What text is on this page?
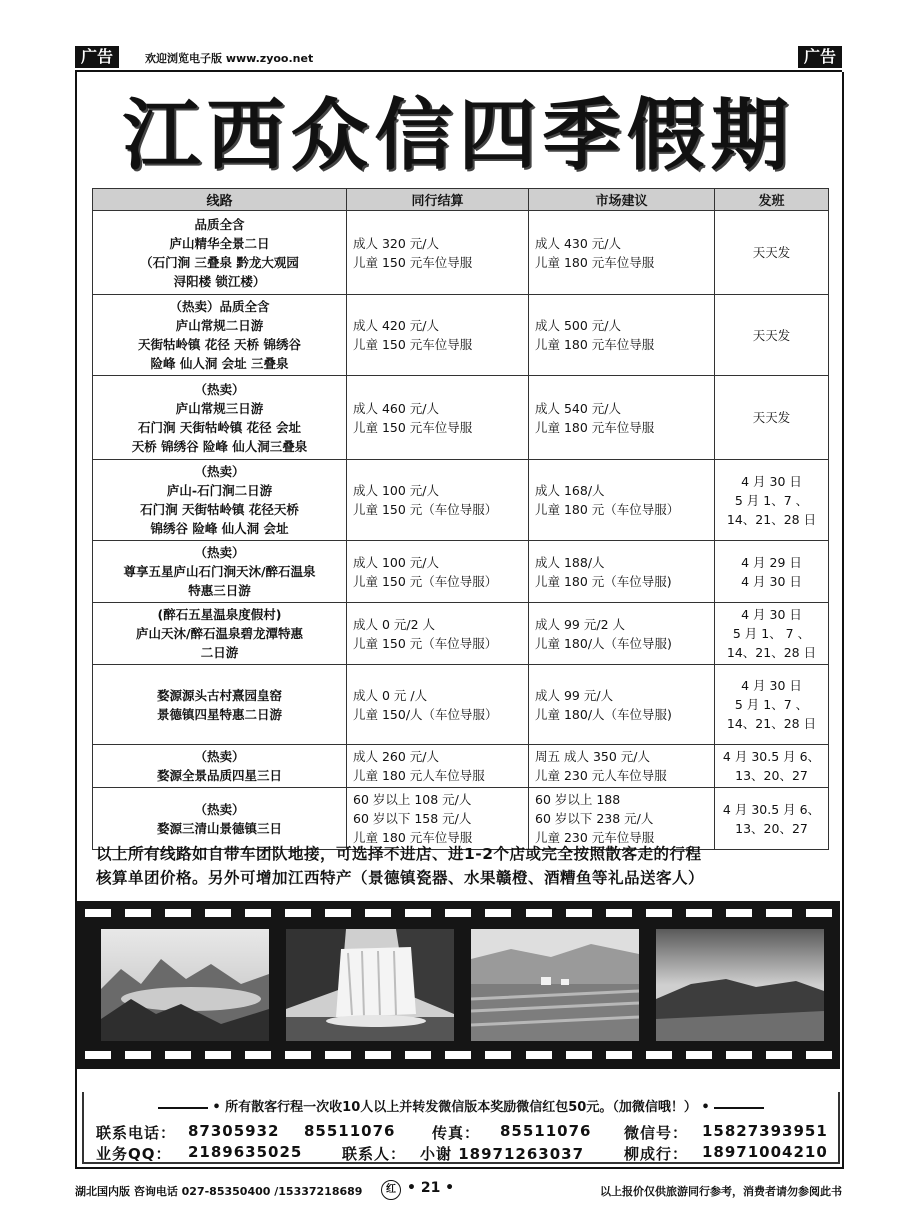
广告	欢迎浏览电子版 www.zyoo.net	广告
江西众信四季假期
线路	同行结算	市场建议	发班

品质全含
庐山精华全景二日
（石门涧 三叠泉 黔龙大观园
浔阳楼 锁江楼）	成人 320 元/人
儿童 150 元车位导服	成人 430 元/人
儿童 180 元车位导服	天天发

（热卖）品质全含
庐山常规二日游
天街牯岭镇 花径 天桥 锦绣谷
险峰 仙人洞 会址 三叠泉	成人 420 元/人
儿童 150 元车位导服	成人 500 元/人
儿童 180 元车位导服	天天发

（热卖）
庐山常规三日游
石门涧 天街牯岭镇 花径 会址
天桥 锦绣谷 险峰 仙人洞三叠泉	成人 460 元/人
儿童 150 元车位导服	成人 540 元/人
儿童 180 元车位导服	天天发

（热卖）
庐山-石门涧二日游
石门涧 天街牯岭镇 花径天桥
锦绣谷 险峰 仙人洞 会址	成人 100 元/人
儿童 150 元（车位导服）	成人 168/人
儿童 180 元（车位导服）	4 月 30 日
5 月 1、7 、
14、21、28 日

（热卖）
尊享五星庐山石门涧天沐/醉石温泉
特惠三日游	成人 100 元/人
儿童 150 元（车位导服）	成人 188/人
儿童 180 元（车位导服)	4 月 29 日
4 月 30 日

(醉石五星温泉度假村)
庐山天沐/醉石温泉碧龙潭特惠
二日游	成人 0 元/2 人
儿童 150 元（车位导服）	成人 99 元/2 人
儿童 180/人（车位导服)	4 月 30 日
5 月 1、 7 、
14、21、28 日

婺源源头古村熹园皇窑
景德镇四星特惠二日游	成人 0 元 /人
儿童 150/人（车位导服）	成人 99 元/人
儿童 180/人（车位导服)	4 月 30 日
5 月 1、7 、
14、21、28 日

（热卖）
婺源全景品质四星三日	成人 260 元/人
儿童 180 元人车位导服	周五 成人 350 元/人
儿童 230 元人车位导服	4 月 30.5 月 6、
13、20、27

（热卖）
婺源三清山景德镇三日	60 岁以上 108 元/人
60 岁以下 158 元/人
儿童 180 元车位导服	60 岁以上 188
60 岁以下 238 元/人
儿童 230 元车位导服	4 月 30.5 月 6、
13、20、27
以上所有线路如自带车团队地接，可选择不进店、进1-2个店或完全按照散客走的行程
核算单团价格。另外可增加江西特产（景德镇瓷器、水果赣橙、酒糟鱼等礼品送客人）
• 所有散客行程一次收10人以上并转发微信版本奖励微信红包50元。（加微信哦！） •
联系电话： 87305932 85511076 传真： 85511076 微信号： 15827393951
业务QQ： 2189635025	联系人： 小谢 18971263037	柳成行： 18971004210
湖北国内版 咨询电话 027-85350400 /15337218689	红 • 21 •	以上报价仅供旅游同行参考，消费者请勿参阅此书
